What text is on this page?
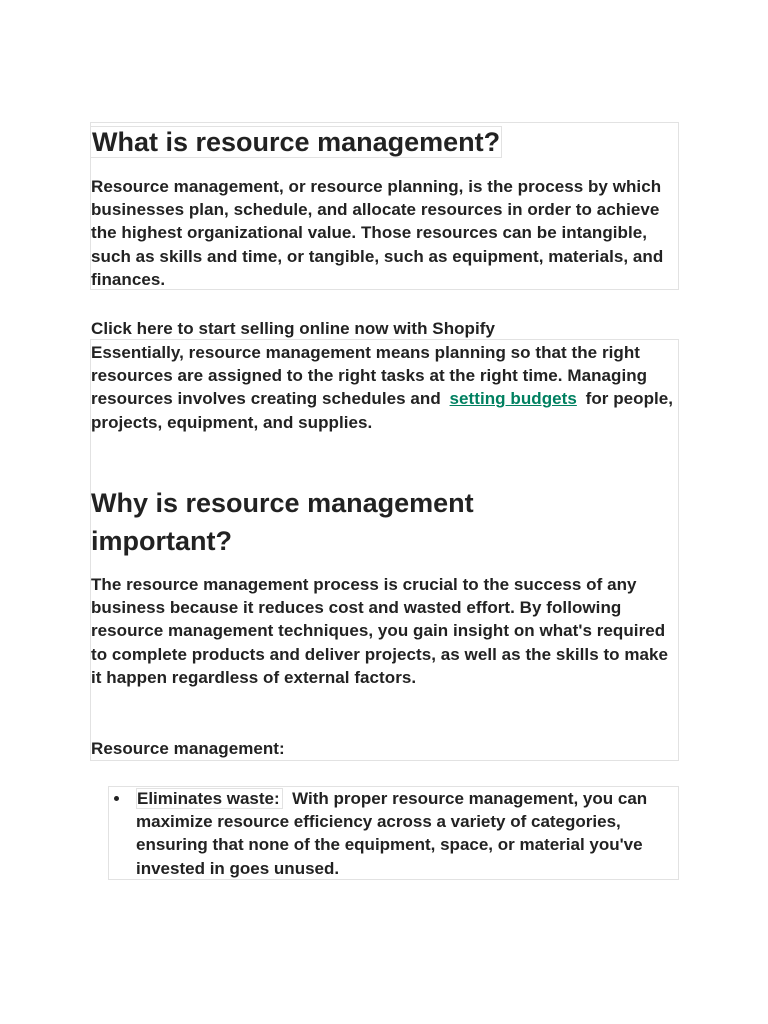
What is resource management?

Resource management, or resource planning, is the process by which businesses plan, schedule, and allocate resources in order to achieve the highest organizational value. Those resources can be intangible, such as skills and time, or tangible, such as equipment, materials, and finances.

Click here to start selling online now with Shopify

Essentially, resource management means planning so that the right resources are assigned to the right tasks at the right time. Managing resources involves creating schedules and setting budgets for people, projects, equipment, and supplies.

Why is resource management important?

The resource management process is crucial to the success of any business because it reduces cost and wasted effort. By following resource management techniques, you gain insight on what's required to complete products and deliver projects, as well as the skills to make it happen regardless of external factors.

Resource management:

Eliminates waste: With proper resource management, you can maximize resource efficiency across a variety of categories, ensuring that none of the equipment, space, or material you've invested in goes unused.
